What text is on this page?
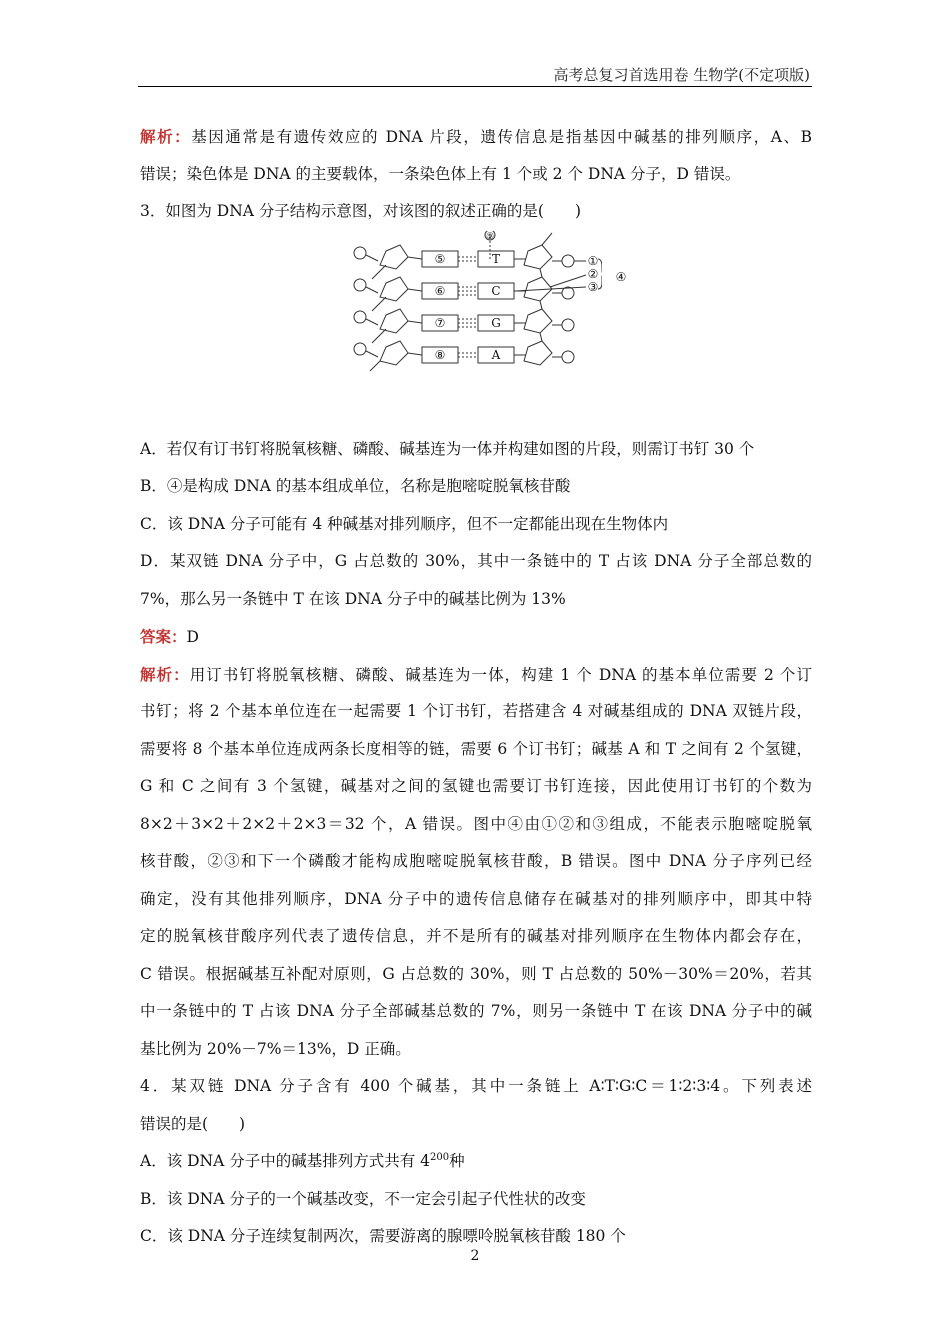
高考总复习首选用卷 生物学(不定项版)
解析：基因通常是有遗传效应的 DNA 片段，遗传信息是指基因中碱基的排列顺序，A、B
错误；染色体是 DNA 的主要载体，一条染色体上有 1 个或 2 个 DNA 分子，D 错误。
3．如图为 DNA 分子结构示意图，对该图的叙述正确的是(　　)
⑨
⑤
⑥
⑦
⑧
T
C
G
A
①
②
③
④
A．若仅有订书钉将脱氧核糖、磷酸、碱基连为一体并构建如图的片段，则需订书钉 30 个
B．④是构成 DNA 的基本组成单位，名称是胞嘧啶脱氧核苷酸
C．该 DNA 分子可能有 4 种碱基对排列顺序，但不一定都能出现在生物体内
D．某双链 DNA 分子中，G 占总数的 30%，其中一条链中的 T 占该 DNA 分子全部总数的
7%，那么另一条链中 T 在该 DNA 分子中的碱基比例为 13%
答案：D
解析：用订书钉将脱氧核糖、磷酸、碱基连为一体，构建 1 个 DNA 的基本单位需要 2 个订
书钉；将 2 个基本单位连在一起需要 1 个订书钉，若搭建含 4 对碱基组成的 DNA 双链片段，
需要将 8 个基本单位连成两条长度相等的链，需要 6 个订书钉；碱基 A 和 T 之间有 2 个氢键，
G 和 C 之间有 3 个氢键，碱基对之间的氢键也需要订书钉连接，因此使用订书钉的个数为
8×2＋3×2＋2×2＋2×3＝32 个，A 错误。图中④由①②和③组成，不能表示胞嘧啶脱氧
核苷酸，②③和下一个磷酸才能构成胞嘧啶脱氧核苷酸，B 错误。图中 DNA 分子序列已经
确定，没有其他排列顺序，DNA 分子中的遗传信息储存在碱基对的排列顺序中，即其中特
定的脱氧核苷酸序列代表了遗传信息，并不是所有的碱基对排列顺序在生物体内都会存在，
C 错误。根据碱基互补配对原则，G 占总数的 30%，则 T 占总数的 50%－30%＝20%，若其
中一条链中的 T 占该 DNA 分子全部碱基总数的 7%，则另一条链中 T 在该 DNA 分子中的碱
基比例为 20%－7%＝13%，D 正确。
4．某双链 DNA 分子含有 400 个碱基，其中一条链上 A∶T∶G∶C＝1∶2∶3∶4。下列表述
错误的是(　　)
A．该 DNA 分子中的碱基排列方式共有 $4^{200}$种
B．该 DNA 分子的一个碱基改变，不一定会引起子代性状的改变
C．该 DNA 分子连续复制两次，需要游离的腺嘌呤脱氧核苷酸 180 个
2
